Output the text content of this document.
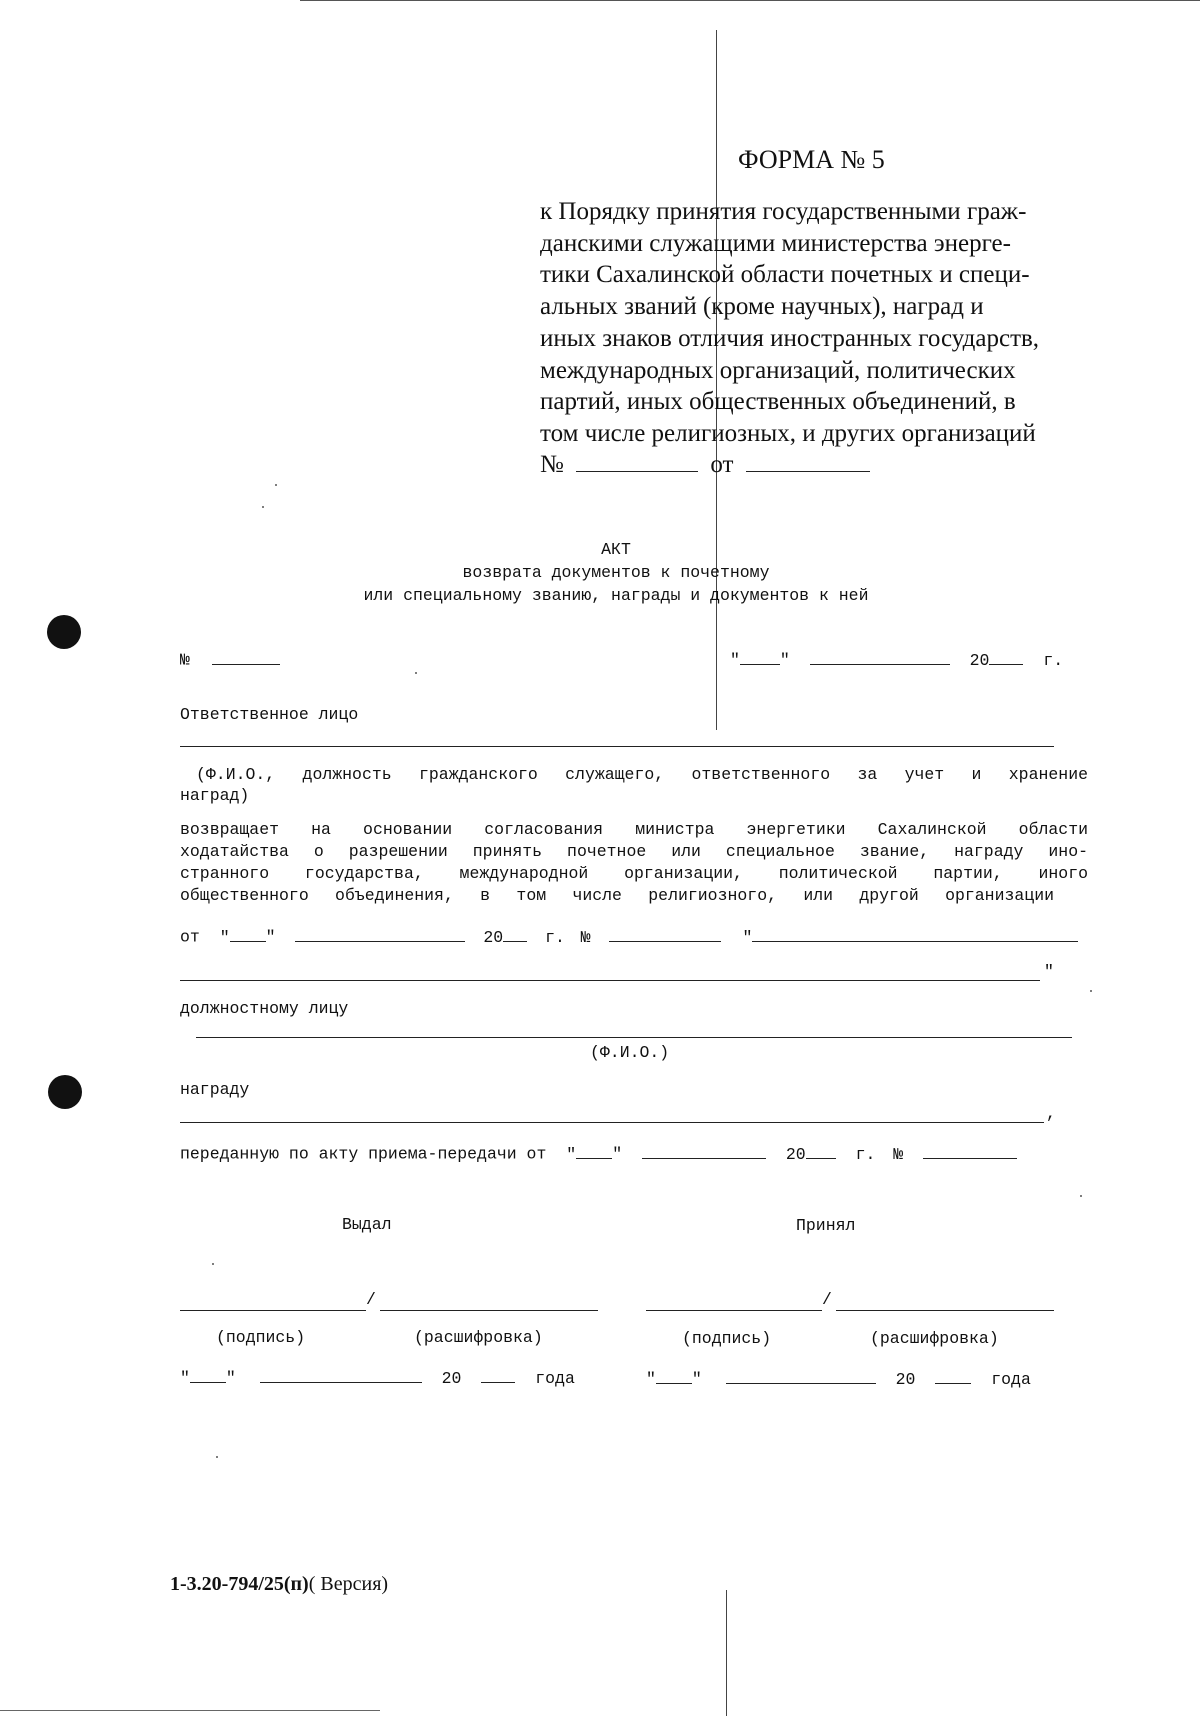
ФОРМА № 5
к Порядку принятия государственными граж-
данскими служащими министерства энерге-
тики Сахалинской области почетных и специ-
альных званий (кроме научных), наград и
иных знаков отличия иностранных государств,
международных организаций, политических
партий, иных общественных объединений, в
том числе религиозных, и других организаций
№	от
АКТ
возврата документов к почетному
или специальному званию, награды и документов к ней
№	" "	20	г.
Ответственное лицо
(Ф.И.О., должность гражданского служащего, ответственного за учет и хранение
наград)
возвращает на основании согласования министра энергетики Сахалинской области
ходатайства о разрешении принять почетное или специальное звание, награду ино-
странного государства, международной организации, политической партии, иного
общественного объединения, в том числе религиозного, или другой организации
от " "	20	г. №	"
"
должностному лицу
(Ф.И.О.)
награду
,
переданную по акту приема-передачи от " "	20	г. №
Выдал	Принял
/	/
(подпись)	(расшифровка)	(подпись)	(расшифровка)
" "	20	года	" "	20	года
1-3.20-794/25(п)( Версия)
